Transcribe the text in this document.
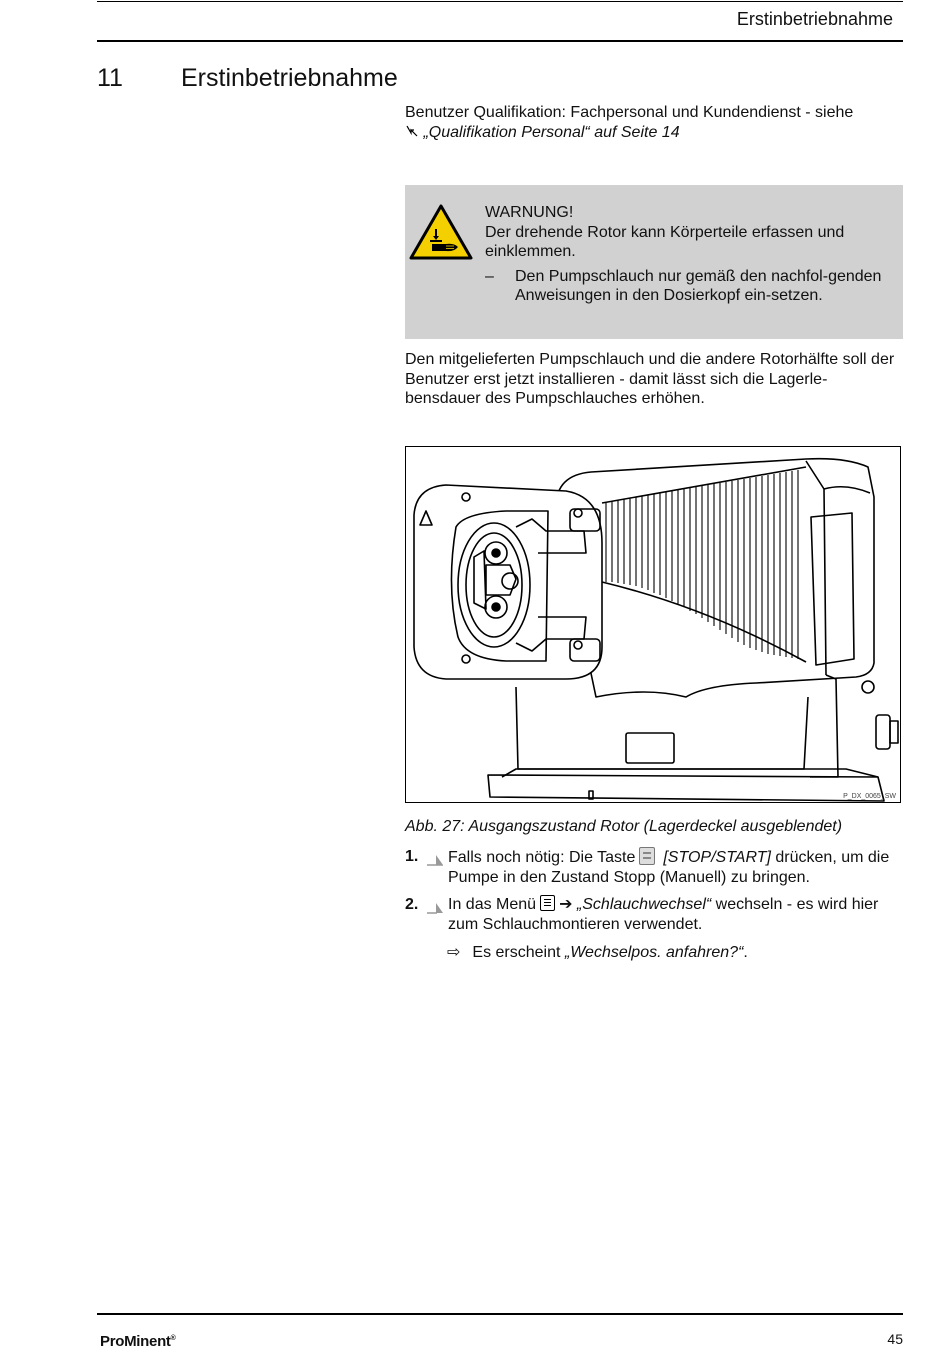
Erstinbetriebnahme
11 Erstinbetriebnahme
Benutzer Qualifikation: Fachpersonal und Kundendienst - siehe
„Qualifikation Personal“ auf Seite 14
WARNUNG!
Der drehende Rotor kann Körperteile erfassen und einklemmen.
– Den Pumpschlauch nur gemäß den nachfol-genden Anweisungen in den Dosierkopf ein-setzen.
Den mitgelieferten Pumpschlauch und die andere Rotorhälfte soll der Benutzer erst jetzt installieren - damit lässt sich die Lagerle-bensdauer des Pumpschlauches erhöhen.
P_DX_0065_SW
Abb. 27: Ausgangszustand Rotor (Lagerdeckel ausgeblendet)
1. Falls noch nötig: Die Taste [STOP/START] drücken, um die Pumpe in den Zustand Stopp (Manuell) zu bringen.
2. In das Menü ➔ „Schlauchwechsel“ wechseln - es wird hier zum Schlauchmontieren verwendet.
⇨ Es erscheint „Wechselpos. anfahren?“.
ProMinent®	45
